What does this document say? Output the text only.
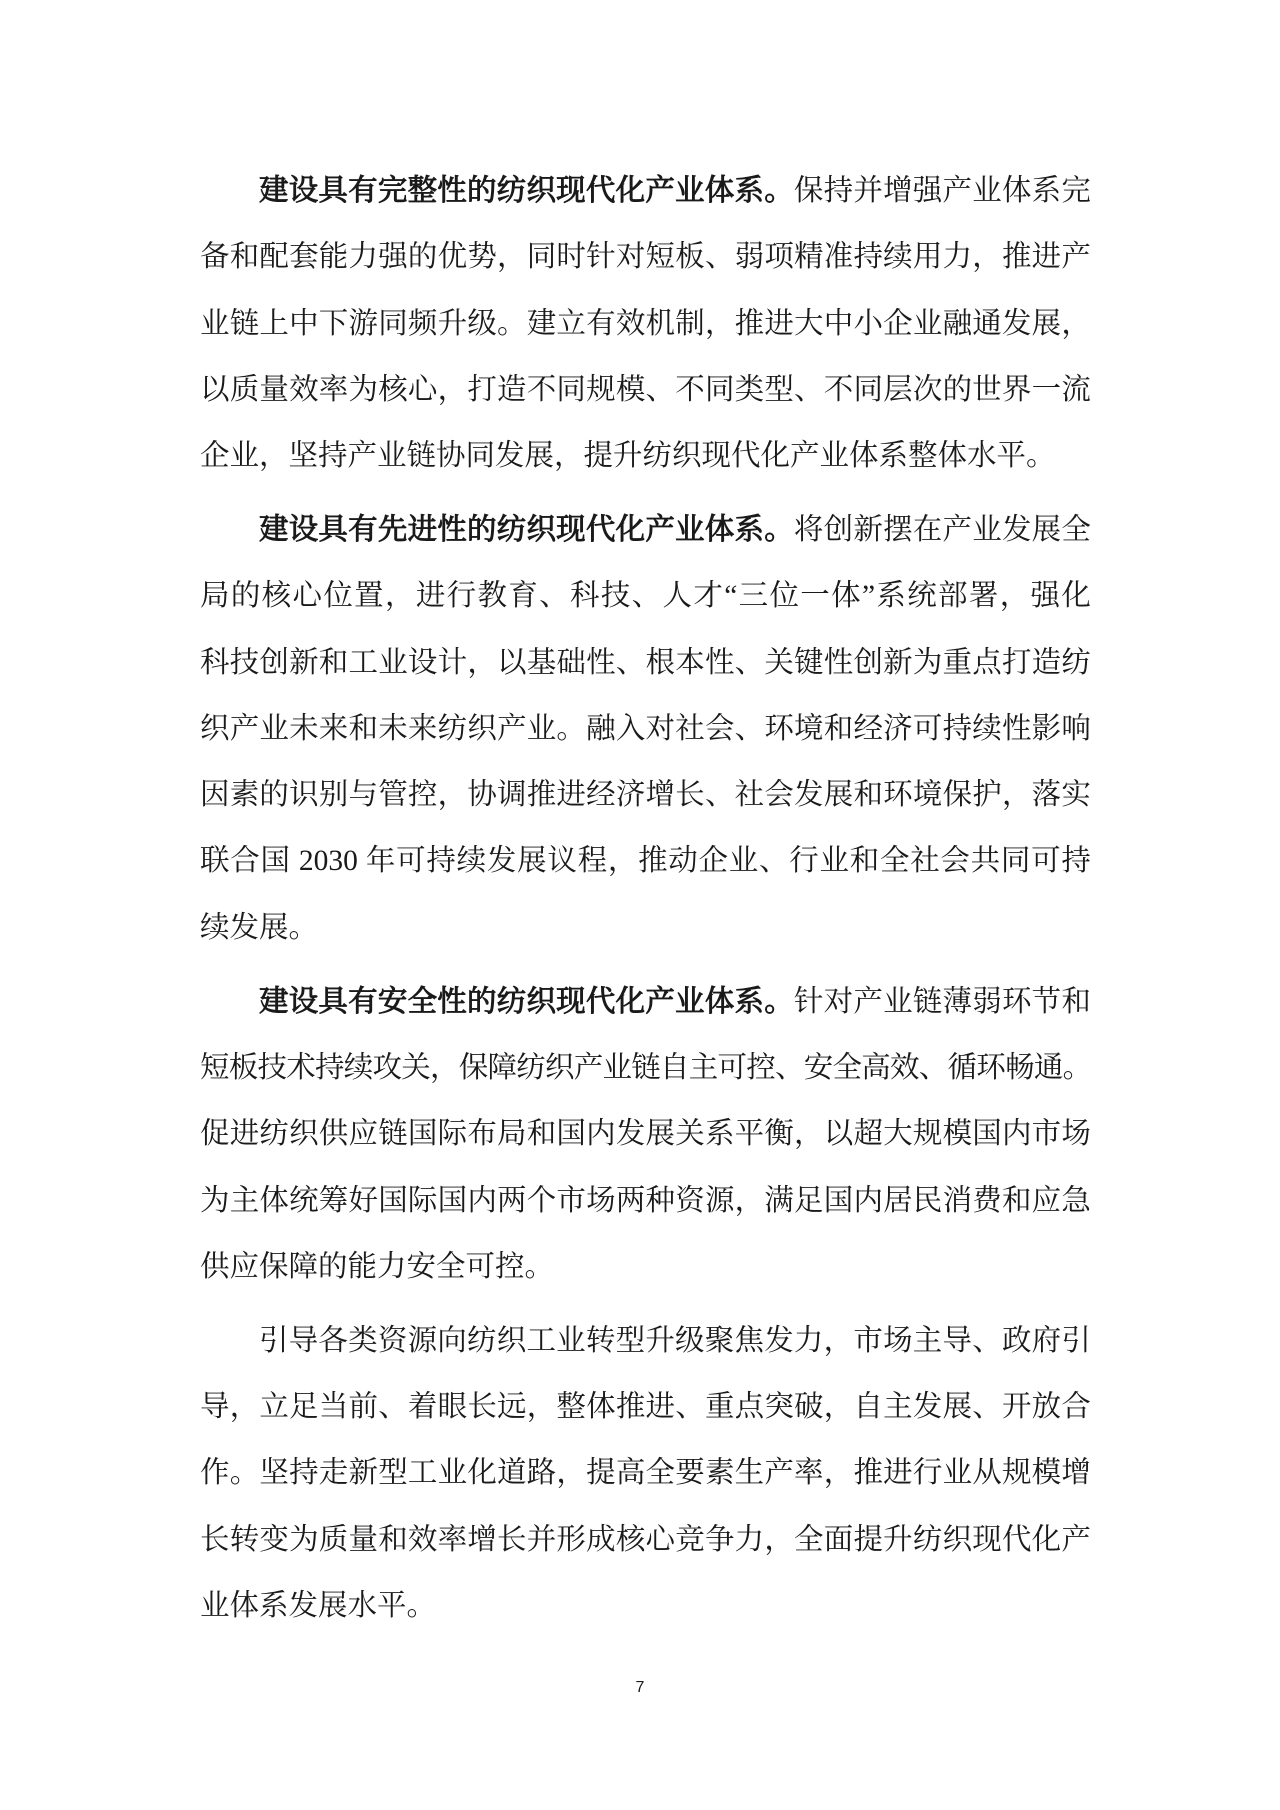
建设具有完整性的纺织现代化产业体系。保持并增强产业体系完
备和配套能力强的优势，同时针对短板、弱项精准持续用力，推进产
业链上中下游同频升级。建立有效机制，推进大中小企业融通发展，
以质量效率为核心，打造不同规模、不同类型、不同层次的世界一流
企业，坚持产业链协同发展，提升纺织现代化产业体系整体水平。

建设具有先进性的纺织现代化产业体系。将创新摆在产业发展全
局的核心位置，进行教育、科技、人才“三位一体”系统部署，强化
科技创新和工业设计，以基础性、根本性、关键性创新为重点打造纺
织产业未来和未来纺织产业。融入对社会、环境和经济可持续性影响
因素的识别与管控，协调推进经济增长、社会发展和环境保护，落实
联合国 2030 年可持续发展议程，推动企业、行业和全社会共同可持
续发展。

建设具有安全性的纺织现代化产业体系。针对产业链薄弱环节和
短板技术持续攻关，保障纺织产业链自主可控、安全高效、循环畅通。
促进纺织供应链国际布局和国内发展关系平衡，以超大规模国内市场
为主体统筹好国际国内两个市场两种资源，满足国内居民消费和应急
供应保障的能力安全可控。

引导各类资源向纺织工业转型升级聚焦发力，市场主导、政府引
导，立足当前、着眼长远，整体推进、重点突破，自主发展、开放合
作。坚持走新型工业化道路，提高全要素生产率，推进行业从规模增
长转变为质量和效率增长并形成核心竞争力，全面提升纺织现代化产
业体系发展水平。

7
